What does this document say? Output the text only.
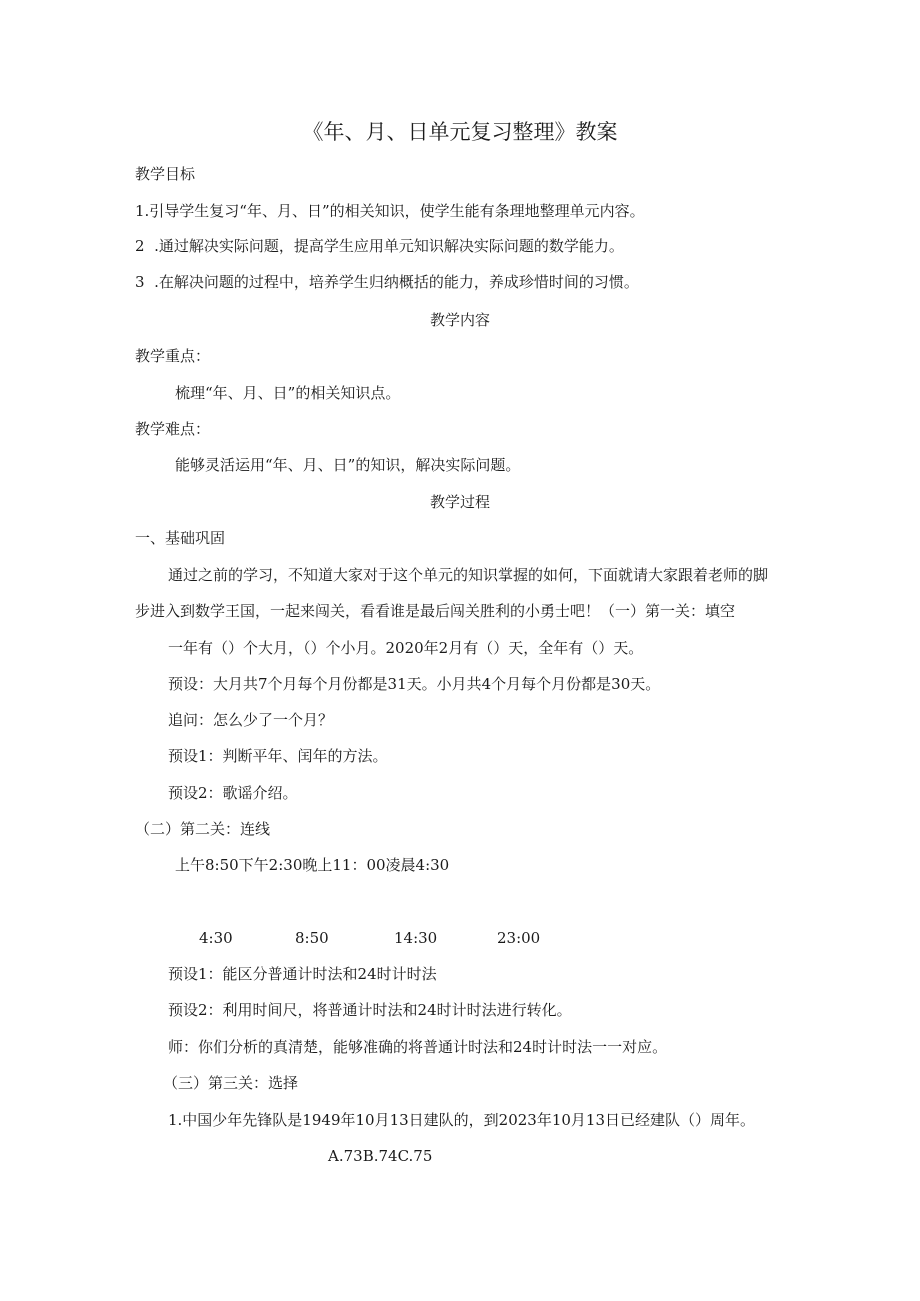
《年、月、日单元复习整理》教案
教学目标
1.引导学生复习“年、月、日”的相关知识，使学生能有条理地整理单元内容。
2  .通过解决实际问题，提高学生应用单元知识解决实际问题的数学能力。
3  .在解决问题的过程中，培养学生归纳概括的能力，养成珍惜时间的习惯。
教学内容
教学重点：
梳理“年、月、日”的相关知识点。
教学难点：
能够灵活运用“年、月、日”的知识，解决实际问题。
教学过程
一、基础巩固
通过之前的学习，不知道大家对于这个单元的知识掌握的如何，下面就请大家跟着老师的脚
步进入到数学王国，一起来闯关，看看谁是最后闯关胜利的小勇士吧！（一）第一关：填空
一年有（）个大月，（）个小月。2020年2月有（）天，全年有（）天。
预设：大月共7个月每个月份都是31天。小月共4个月每个月份都是30天。
追问：怎么少了一个月？
预设1：判断平年、闰年的方法。
预设2：歌谣介绍。
（二）第二关：连线
上午8:50下午2:30晚上11：00凌晨4:30
4:30	8:50	14:30	23:00
预设1：能区分普通计时法和24时计时法
预设2：利用时间尺，将普通计时法和24时计时法进行转化。
师：你们分析的真清楚，能够准确的将普通计时法和24时计时法一一对应。
（三）第三关：选择
1.中国少年先锋队是1949年10月13日建队的，到2023年10月13日已经建队（）周年。
A.73B.74C.75
